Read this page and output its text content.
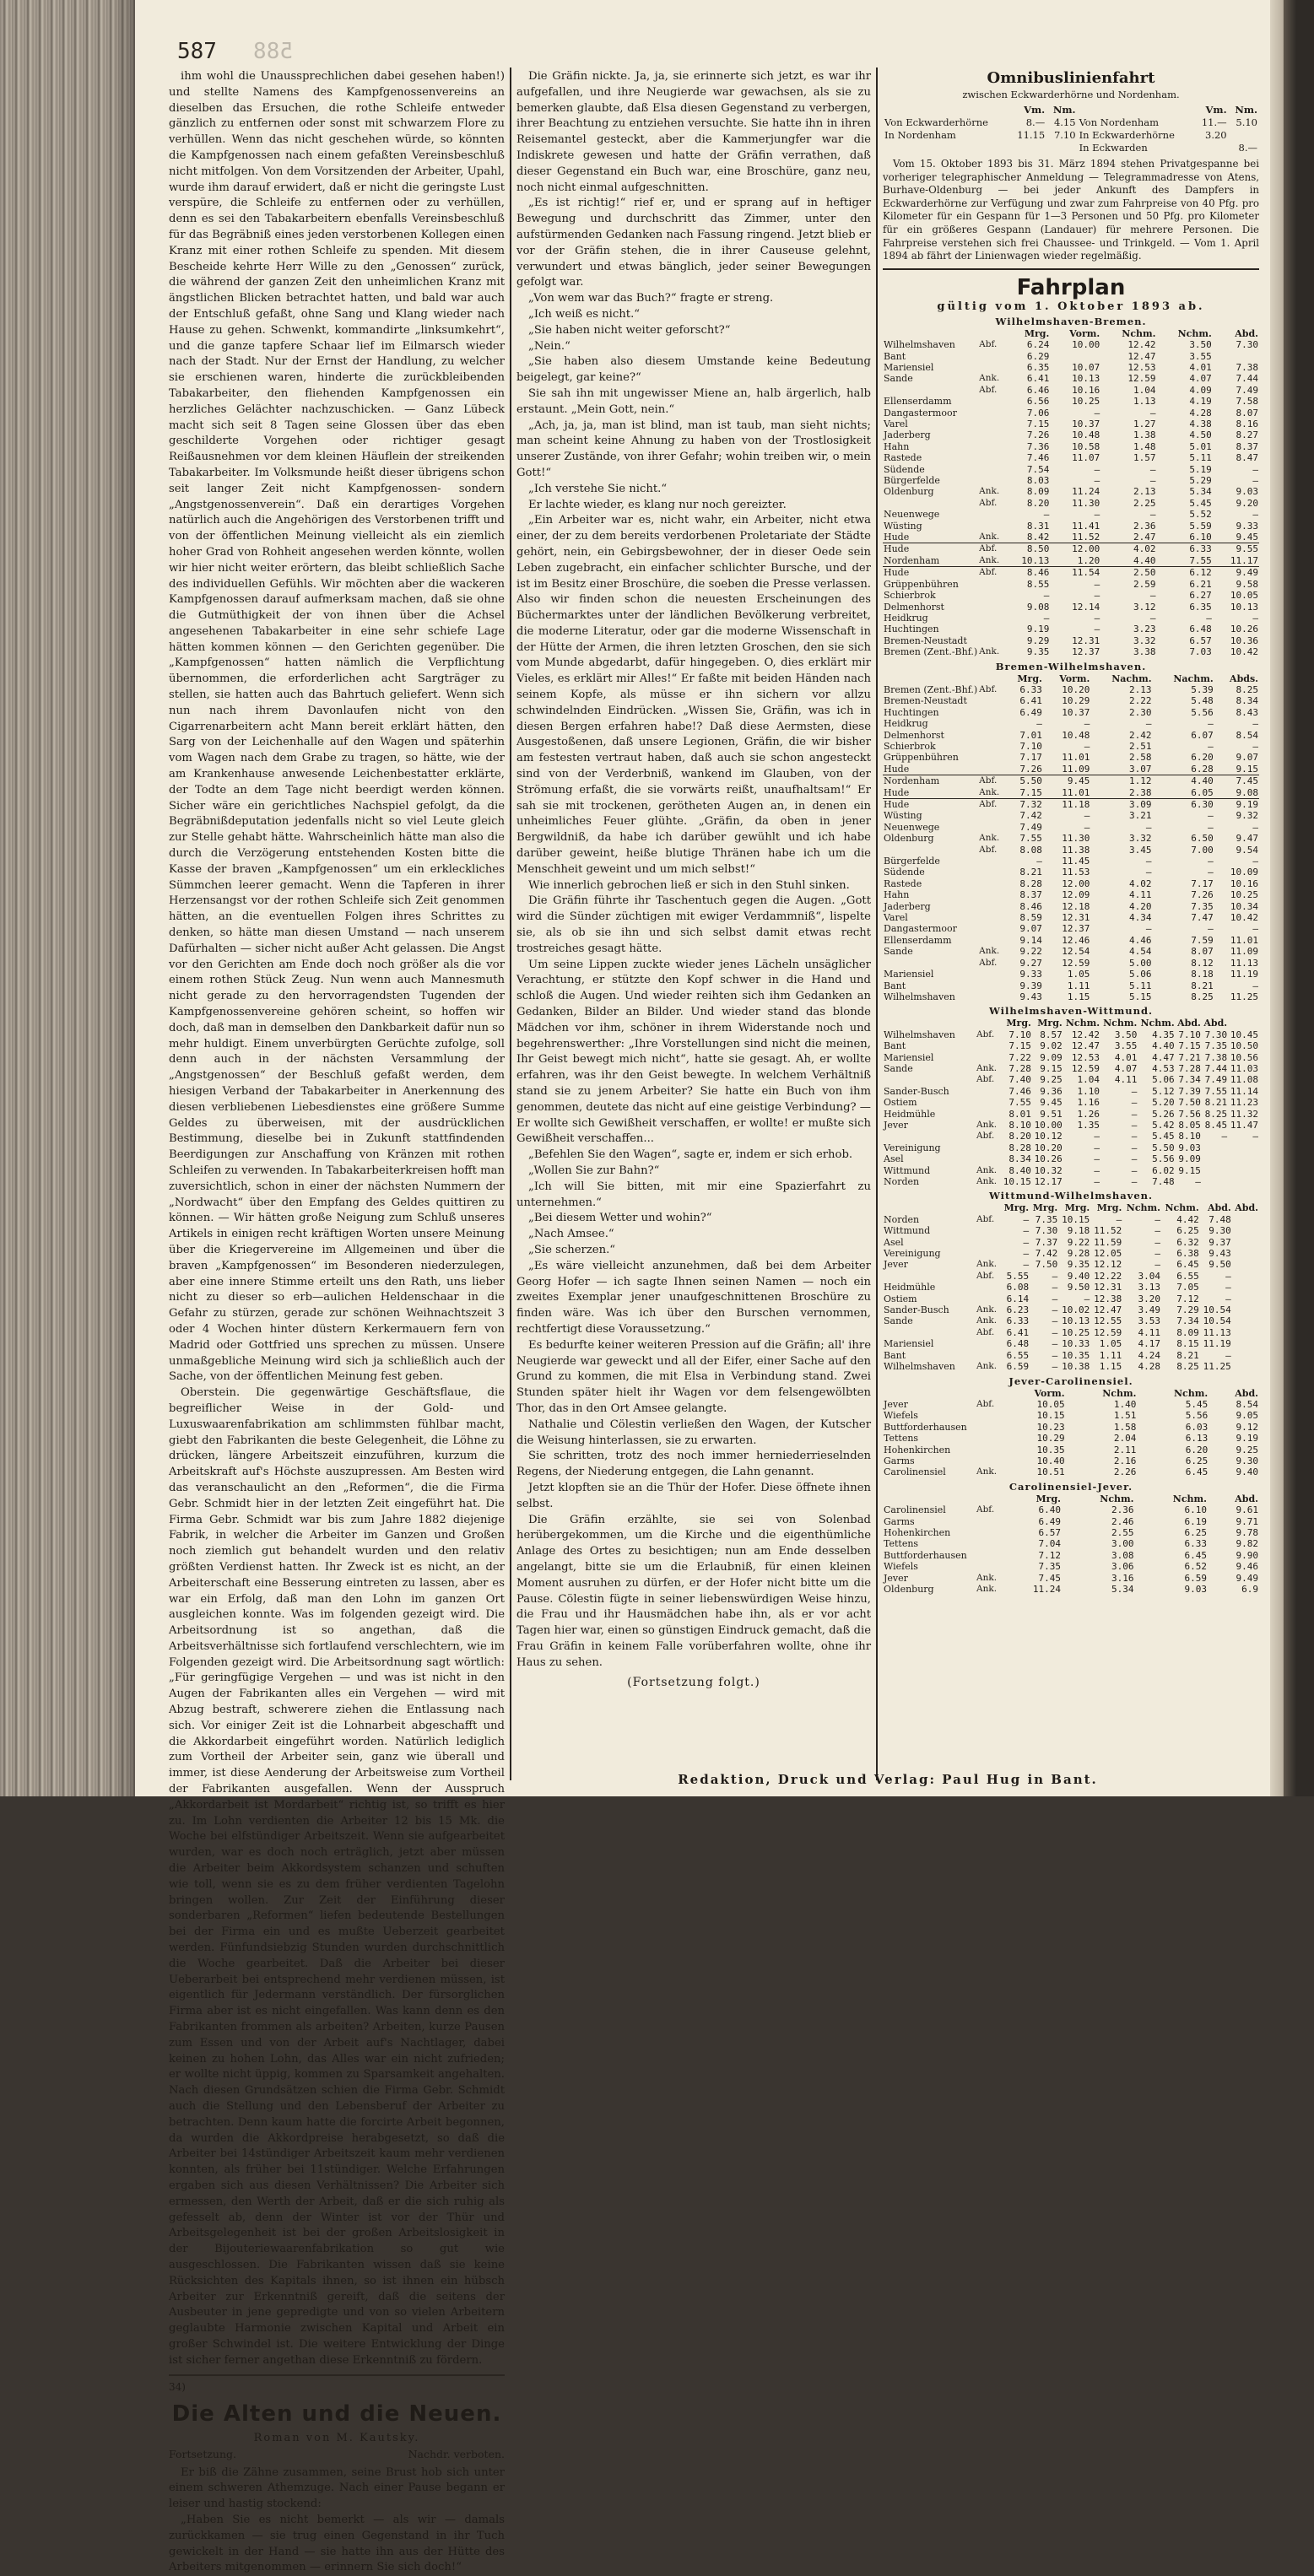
587 588

ihm wohl die Unaussprechlichen dabei gesehen haben!) und stellte Namens des Kampfgenossenvereins an dieselben das Ersuchen, die rothe Schleife entweder gänzlich zu entfernen oder sonst mit schwarzem Flore zu verhüllen. Wenn das nicht geschehen würde, so könnten die Kampfgenossen nach einem gefaßten Vereinsbeschluß nicht mitfolgen. Von dem Vorsitzenden der Arbeiter, Upahl, wurde ihm darauf erwidert, daß er nicht die geringste Lust verspüre, die Schleife zu entfernen oder zu verhüllen, denn es sei den Tabakarbeitern ebenfalls Vereinsbeschluß für das Begräbniß eines jeden verstorbenen Kollegen einen Kranz mit einer rothen Schleife zu spenden. Mit diesem Bescheide kehrte Herr Wille zu den „Genossen“ zurück, die während der ganzen Zeit den unheimlichen Kranz mit ängstlichen Blicken betrachtet hatten, und bald war auch der Entschluß gefaßt, ohne Sang und Klang wieder nach Hause zu gehen. Schwenkt, kommandirte „linksumkehrt“, und die ganze tapfere Schaar lief im Eilmarsch wieder nach der Stadt. Nur der Ernst der Handlung, zu welcher sie erschienen waren, hinderte die zurückbleibenden Tabakarbeiter, den fliehenden Kampfgenossen ein herzliches Gelächter nachzuschicken. — Ganz Lübeck macht sich seit 8 Tagen seine Glossen über das eben geschilderte Vorgehen oder richtiger gesagt Reißausnehmen vor dem kleinen Häuflein der streikenden Tabakarbeiter. Im Volksmunde heißt dieser übrigens schon seit langer Zeit nicht Kampfgenossen- sondern „Angstgenossenverein“. Daß ein derartiges Vorgehen natürlich auch die Angehörigen des Verstorbenen trifft und von der öffentlichen Meinung vielleicht als ein ziemlich hoher Grad von Rohheit angesehen werden könnte, wollen wir hier nicht weiter erörtern, das bleibt schließlich Sache des individuellen Gefühls. Wir möchten aber die wackeren Kampfgenossen darauf aufmerksam machen, daß sie ohne die Gutmüthigkeit der von ihnen über die Achsel angesehenen Tabakarbeiter in eine sehr schiefe Lage hätten kommen können — den Gerichten gegenüber. Die „Kampfgenossen“ hatten nämlich die Verpflichtung übernommen, die erforderlichen acht Sargträger zu stellen, sie hatten auch das Bahrtuch geliefert. Wenn sich nun nach ihrem Davonlaufen nicht von den Cigarrenarbeitern acht Mann bereit erklärt hätten, den Sarg von der Leichenhalle auf den Wagen und späterhin vom Wagen nach dem Grabe zu tragen, so hätte, wie der am Krankenhause anwesende Leichenbestatter erklärte, der Todte an dem Tage nicht beerdigt werden können. Sicher wäre ein gerichtliches Nachspiel gefolgt, da die Begräbnißdeputation jedenfalls nicht so viel Leute gleich zur Stelle gehabt hätte. Wahrscheinlich hätte man also die durch die Verzögerung entstehenden Kosten bitte die Kasse der braven „Kampfgenossen“ um ein erkleckliches Sümmchen leerer gemacht. Wenn die Tapferen in ihrer Herzensangst vor der rothen Schleife sich Zeit genommen hätten, an die eventuellen Folgen ihres Schrittes zu denken, so hätte man diesen Umstand — nach unserem Dafürhalten — sicher nicht außer Acht gelassen. Die Angst vor den Gerichten am Ende doch noch größer als die vor einem rothen Stück Zeug. Nun wenn auch Mannesmuth nicht gerade zu den hervorragendsten Tugenden der Kampfgenossenvereine gehören scheint, so hoffen wir doch, daß man in demselben den Dankbarkeit dafür nun so mehr huldigt. Einem unverbürgten Gerüchte zufolge, soll denn auch in der nächsten Versammlung der „Angstgenossen“ der Beschluß gefaßt werden, dem hiesigen Verband der Tabakarbeiter in Anerkennung des diesen verbliebenen Liebesdienstes eine größere Summe Geldes zu überweisen, mit der ausdrücklichen Bestimmung, dieselbe bei in Zukunft stattfindenden Beerdigungen zur Anschaffung von Kränzen mit rothen Schleifen zu verwenden. In Tabakarbeiterkreisen hofft man zuversichtlich, schon in einer der nächsten Nummern der „Nordwacht“ über den Empfang des Geldes quittiren zu können. — Wir hätten große Neigung zum Schluß unseres Artikels in einigen recht kräftigen Worten unsere Meinung über die Kriegervereine im Allgemeinen und über die braven „Kampfgenossen“ im Besonderen niederzulegen, aber eine innere Stimme erteilt uns den Rath, uns lieber nicht zu dieser so erb—aulichen Heldenschaar in die Gefahr zu stürzen, gerade zur schönen Weihnachtszeit 3 oder 4 Wochen hinter düstern Kerkermauern fern von Madrid oder Gottfried uns sprechen zu müssen. Unsere unmaßgebliche Meinung wird sich ja schließlich auch der Sache, von der öffentlichen Meinung fest geben.

Oberstein. Die gegenwärtige Geschäftsflaue, die begreiflicher Weise in der Gold- und Luxuswaarenfabrikation am schlimmsten fühlbar macht, giebt den Fabrikanten die beste Gelegenheit, die Löhne zu drücken, längere Arbeitszeit einzuführen, kurzum die Arbeitskraft auf's Höchste auszupressen. Am Besten wird das veranschaulicht an den „Reformen“, die die Firma Gebr. Schmidt hier in der letzten Zeit eingeführt hat. Die Firma Gebr. Schmidt war bis zum Jahre 1882 diejenige Fabrik, in welcher die Arbeiter im Ganzen und Großen noch ziemlich gut behandelt wurden und den relativ größten Verdienst hatten. Ihr Zweck ist es nicht, an der Arbeiterschaft eine Besserung eintreten zu lassen, aber es war ein Erfolg, daß man den Lohn im ganzen Ort ausgleichen konnte. Was im folgenden gezeigt wird. Die Arbeitsordnung ist so angethan, daß die Arbeitsverhältnisse sich fortlaufend verschlechtern, wie im Folgenden gezeigt wird. Die Arbeitsordnung sagt wörtlich: „Für geringfügige Vergehen — und was ist nicht in den Augen der Fabrikanten alles ein Vergehen — wird mit Abzug bestraft, schwerere ziehen die Entlassung nach sich. Vor einiger Zeit ist die Lohnarbeit abgeschafft und die Akkordarbeit eingeführt worden. Natürlich lediglich zum Vortheil der Arbeiter sein, ganz wie überall und immer, ist diese Aenderung der Arbeitsweise zum Vortheil der Fabrikanten ausgefallen. Wenn der Ausspruch „Akkordarbeit ist Mordarbeit“ richtig ist, so trifft es hier zu. Im Lohn verdienten die Arbeiter 12 bis 15 Mk. die Woche bei elfstündiger Arbeitszeit. Wenn sie aufgearbeitet wurden, war es doch noch erträglich, jetzt aber müssen die Arbeiter beim Akkordsystem schanzen und schuften wie toll, wenn sie es zu dem früher verdienten Tagelohn bringen wollen. Zur Zeit der Einführung dieser sonderbaren „Reformen“ liefen bedeutende Bestellungen bei der Firma ein und es mußte Ueberzeit gearbeitet werden. Fünfundsiebzig Stunden wurden durchschnittlich die Woche gearbeitet. Daß die Arbeiter bei dieser Ueberarbeit bei entsprechend mehr verdienen müssen, ist eigentlich für Jedermann verständlich. Der fürsorglichen Firma aber ist es nicht eingefallen. Was kann denn es den Fabrikanten frommen als arbeiten? Arbeiten, kurze Pausen zum Essen und von der Arbeit auf's Nachtlager, dabei keinen zu hohen Lohn, das Alles war ein nicht zufrieden; er wollte nicht üppig, kommen zu Sparsamkeit angehalten. Nach diesen Grundsätzen schien die Firma Gebr. Schmidt auch die Stellung und den Lebensberuf der Arbeiter zu betrachten. Denn kaum hatte die forcirte Arbeit begonnen, da wurden die Akkordpreise herabgesetzt, so daß die Arbeiter bei 14stündiger Arbeitszeit kaum mehr verdienen konnten, als früher bei 11stündiger. Welche Erfahrungen ergaben sich aus diesen Verhältnissen? Die Arbeiter sich ermessen, den Werth der Arbeit, daß er die sich ruhig als gefesselt ab, denn der Winter ist vor der Thür und Arbeitsgelegenheit ist bei der großen Arbeitslosigkeit in der Bijouteriewaarenfabrikation so gut wie ausgeschlossen. Die Fabrikanten wissen daß sie keine Rücksichten des Kapitals ihnen, so ist ihnen ein hübsch Arbeiter zur Erkenntniß gereift, daß die seitens der Ausbeuter in jene gepredigte und von so vielen Arbeitern geglaubte Harmonie zwischen Kapital und Arbeit ein großer Schwindel ist. Die weitere Entwicklung der Dinge ist sicher ferner angethan diese Erkenntniß zu fördern.

34)
Die Alten und die Neuen.
Roman von M. Kautsky.
Fortsetzung.	Nachdr. verboten.

Er biß die Zähne zusammen, seine Brust hob sich unter einem schweren Athemzuge. Nach einer Pause begann er leiser und hastig stockend:

„Haben Sie es nicht bemerkt — als wir — damals zurückkamen — sie trug einen Gegenstand in ihr Tuch gewickelt in der Hand — sie hatte ihn aus der Hütte des Arbeiters mitgenommen — erinnern Sie sich doch!“

Die Gräfin nickte. Ja, ja, sie erinnerte sich jetzt, es war ihr aufgefallen, und ihre Neugierde war gewachsen, als sie zu bemerken glaubte, daß Elsa diesen Gegenstand zu verbergen, ihrer Beachtung zu entziehen versuchte. Sie hatte ihn in ihren Reisemantel gesteckt, aber die Kammerjungfer war die Indiskrete gewesen und hatte der Gräfin verrathen, daß dieser Gegenstand ein Buch war, eine Broschüre, ganz neu, noch nicht einmal aufgeschnitten.

„Es ist richtig!“ rief er, und er sprang auf in heftiger Bewegung und durchschritt das Zimmer, unter den aufstürmenden Gedanken nach Fassung ringend. Jetzt blieb er vor der Gräfin stehen, die in ihrer Causeuse gelehnt, verwundert und etwas bänglich, jeder seiner Bewegungen gefolgt war.

„Von wem war das Buch?“ fragte er streng.

„Ich weiß es nicht.“

„Sie haben nicht weiter geforscht?“

„Nein.“

„Sie haben also diesem Umstande keine Bedeutung beigelegt, gar keine?“

Sie sah ihn mit ungewisser Miene an, halb ärgerlich, halb erstaunt. „Mein Gott, nein.“

„Ach, ja, ja, man ist blind, man ist taub, man sieht nichts; man scheint keine Ahnung zu haben von der Trostlosigkeit unserer Zustände, von ihrer Gefahr; wohin treiben wir, o mein Gott!“

„Ich verstehe Sie nicht.“

Er lachte wieder, es klang nur noch gereizter.

„Ein Arbeiter war es, nicht wahr, ein Arbeiter, nicht etwa einer, der zu dem bereits verdorbenen Proletariate der Städte gehört, nein, ein Gebirgsbewohner, der in dieser Oede sein Leben zugebracht, ein einfacher schlichter Bursche, und der ist im Besitz einer Broschüre, die soeben die Presse verlassen. Also wir finden schon die neuesten Erscheinungen des Büchermarktes unter der ländlichen Bevölkerung verbreitet, die moderne Literatur, oder gar die moderne Wissenschaft in der Hütte der Armen, die ihren letzten Groschen, den sie sich vom Munde abgedarbt, dafür hingegeben. O, dies erklärt mir Vieles, es erklärt mir Alles!“ Er faßte mit beiden Händen nach seinem Kopfe, als müsse er ihn sichern vor allzu schwindelnden Eindrücken. „Wissen Sie, Gräfin, was ich in diesen Bergen erfahren habe!? Daß diese Aermsten, diese Ausgestoßenen, daß unsere Legionen, Gräfin, die wir bisher am festesten vertraut haben, daß auch sie schon angesteckt sind von der Verderbniß, wankend im Glauben, von der Strömung erfaßt, die sie vorwärts reißt, unaufhaltsam!“ Er sah sie mit trockenen, gerötheten Augen an, in denen ein unheimliches Feuer glühte. „Gräfin, da oben in jener Bergwildniß, da habe ich darüber gewühlt und ich habe darüber geweint, heiße blutige Thränen habe ich um die Menschheit geweint und um mich selbst!“

Wie innerlich gebrochen ließ er sich in den Stuhl sinken.

Die Gräfin führte ihr Taschentuch gegen die Augen. „Gott wird die Sünder züchtigen mit ewiger Verdammniß“, lispelte sie, als ob sie ihn und sich selbst damit etwas recht trostreiches gesagt hätte.

Um seine Lippen zuckte wieder jenes Lächeln unsäglicher Verachtung, er stützte den Kopf schwer in die Hand und schloß die Augen. Und wieder reihten sich ihm Gedanken an Gedanken, Bilder an Bilder. Und wieder stand das blonde Mädchen vor ihm, schöner in ihrem Widerstande noch und begehrenswerther: „Ihre Vorstellungen sind nicht die meinen, Ihr Geist bewegt mich nicht“, hatte sie gesagt. Ah, er wollte erfahren, was ihr den Geist bewegte. In welchem Verhältniß stand sie zu jenem Arbeiter? Sie hatte ein Buch von ihm genommen, deutete das nicht auf eine geistige Verbindung? — Er wollte sich Gewißheit verschaffen, er wollte! er mußte sich Gewißheit verschaffen...

„Befehlen Sie den Wagen“, sagte er, indem er sich erhob.

„Wollen Sie zur Bahn?“

„Ich will Sie bitten, mit mir eine Spazierfahrt zu unternehmen.“

„Bei diesem Wetter und wohin?“

„Nach Amsee.“

„Sie scherzen.“

„Es wäre vielleicht anzunehmen, daß bei dem Arbeiter Georg Hofer — ich sagte Ihnen seinen Namen — noch ein zweites Exemplar jener unaufgeschnittenen Broschüre zu finden wäre. Was ich über den Burschen vernommen, rechtfertigt diese Voraussetzung.“

Es bedurfte keiner weiteren Pression auf die Gräfin; all' ihre Neugierde war geweckt und all der Eifer, einer Sache auf den Grund zu kommen, die mit Elsa in Verbindung stand. Zwei Stunden später hielt ihr Wagen vor dem felsengewölbten Thor, das in den Ort Amsee gelangte.

Nathalie und Cölestin verließen den Wagen, der Kutscher die Weisung hinterlassen, sie zu erwarten.

Sie schritten, trotz des noch immer herniederrieselnden Regens, der Niederung entgegen, die Lahn genannt.

Jetzt klopften sie an die Thür der Hofer. Diese öffnete ihnen selbst.

Die Gräfin erzählte, sie sei von Solenbad herübergekommen, um die Kirche und die eigenthümliche Anlage des Ortes zu besichtigen; nun am Ende desselben angelangt, bitte sie um die Erlaubniß, für einen kleinen Moment ausruhen zu dürfen, er der Hofer nicht bitte um die Pause. Cölestin fügte in seiner liebenswürdigen Weise hinzu, die Frau und ihr Hausmädchen habe ihn, als er vor acht Tagen hier war, einen so günstigen Eindruck gemacht, daß die Frau Gräfin in keinem Falle vorüberfahren wollte, ohne ihr Haus zu sehen.

(Fortsetzung folgt.)
Omnibuslinienfahrt
zwischen Eckwarderhörne und Nordenham.
	Vm.	Nm.		Vm.	Nm.
Von Eckwarderhörne	8.—	4.15	Von Nordenham	11.—	5.10
In Nordenham	11.15	7.10	In Eckwarderhörne	3.20	
			In Eckwarden		8.—
Vom 15. Oktober 1893 bis 31. März 1894 stehen Privatgespanne bei vorheriger telegraphischer Anmeldung — Telegrammadresse von Atens, Burhave-Oldenburg — bei jeder Ankunft des Dampfers in Eckwarderhörne zur Verfügung und zwar zum Fahrpreise von 40 Pfg. pro Kilometer für ein Gespann für 1—3 Personen und 50 Pfg. pro Kilometer für ein größeres Gespann (Landauer) für mehrere Personen. Die Fahrpreise verstehen sich frei Chaussee- und Trinkgeld. — Vom 1. April 1894 ab fährt der Linienwagen wieder regelmäßig.
Fahrplan
gültig vom 1. Oktober 1893 ab.
Wilhelmshaven-Bremen.
		Mrg.	Vorm.	Nchm.	Nchm.	Abd.
Wilhelmshaven	Abf.	6.24	10.00	12.42	3.50	7.30
Bant		6.29		12.47	3.55	
Mariensiel		6.35	10.07	12.53	4.01	7.38
Sande	Ank.	6.41	10.13	12.59	4.07	7.44
	Abf.	6.46	10.16	1.04	4.09	7.49
Ellenserdamm		6.56	10.25	1.13	4.19	7.58
Dangastermoor		7.06	—	—	4.28	8.07
Varel		7.15	10.37	1.27	4.38	8.16
Jaderberg		7.26	10.48	1.38	4.50	8.27
Hahn		7.36	10.58	1.48	5.01	8.37
Rastede		7.46	11.07	1.57	5.11	8.47
Südende		7.54	—	—	5.19	—
Bürgerfelde		8.03	—	—	5.29	—
Oldenburg	Ank.	8.09	11.24	2.13	5.34	9.03
	Abf.	8.20	11.30	2.25	5.45	9.20
Neuenwege		—	—	—	5.52	—
Wüsting		8.31	11.41	2.36	5.59	9.33
Hude	Ank.	8.42	11.52	2.47	6.10	9.45
Hude	Abf.	8.50	12.00	4.02	6.33	9.55
Nordenham	Ank.	10.13	1.20	4.40	7.55	11.17
Hude	Abf.	8.46	11.54	2.50	6.12	9.49
Grüppenbühren		8.55	—	2.59	6.21	9.58
Schierbrok		—	—	—	6.27	10.05
Delmenhorst		9.08	12.14	3.12	6.35	10.13
Heidkrug		—	—	—	—	—
Huchtingen		9.19	—	3.23	6.48	10.26
Bremen-Neustadt		9.29	12.31	3.32	6.57	10.36
Bremen (Zent.-Bhf.)	Ank.	9.35	12.37	3.38	7.03	10.42
Bremen-Wilhelmshaven.
		Mrg.	Vorm.	Nachm.	Nachm.	Abds.
Bremen (Zent.-Bhf.)	Abf.	6.33	10.20	2.13	5.39	8.25
Bremen-Neustadt		6.41	10.29	2.22	5.48	8.34
Huchtingen		6.49	10.37	2.30	5.56	8.43
Heidkrug		—	—	—	—	—
Delmenhorst		7.01	10.48	2.42	6.07	8.54
Schierbrok		7.10	—	2.51	—	—
Grüppenbühren		7.17	11.01	2.58	6.20	9.07
Hude		7.26	11.09	3.07	6.28	9.15
Nordenham	Abf.	5.50	9.45	1.12	4.40	7.45
Hude	Ank.	7.15	11.01	2.38	6.05	9.08
Hude	Abf.	7.32	11.18	3.09	6.30	9.19
Wüsting		7.42	—	3.21	—	9.32
Neuenwege		7.49	—	—	—	—
Oldenburg	Ank.	7.55	11.30	3.32	6.50	9.47
	Abf.	8.08	11.38	3.45	7.00	9.54
Bürgerfelde		—	11.45	—	—	—
Südende		8.21	11.53	—	—	10.09
Rastede		8.28	12.00	4.02	7.17	10.16
Hahn		8.37	12.09	4.11	7.26	10.25
Jaderberg		8.46	12.18	4.20	7.35	10.34
Varel		8.59	12.31	4.34	7.47	10.42
Dangastermoor		9.07	12.37	—	—	—
Ellenserdamm		9.14	12.46	4.46	7.59	11.01
Sande	Ank.	9.22	12.54	4.54	8.07	11.09
	Abf.	9.27	12.59	5.00	8.12	11.13
Mariensiel		9.33	1.05	5.06	8.18	11.19
Bant		9.39	1.11	5.11	8.21	—
Wilhelmshaven		9.43	1.15	5.15	8.25	11.25
Wilhelmshaven-Wittmund.
		Mrg.	Mrg.	Nchm.	Nchm.	Nchm.	Abd.	Abd.	
Wilhelmshaven	Abf.	7.10	8.57	12.42	3.50	4.35	7.10	7.30	10.45
Bant		7.15	9.02	12.47	3.55	4.40	7.15	7.35	10.50
Mariensiel		7.22	9.09	12.53	4.01	4.47	7.21	7.38	10.56
Sande	Ank.	7.28	9.15	12.59	4.07	4.53	7.28	7.44	11.03
	Abf.	7.40	9.25	1.04	4.11	5.06	7.34	7.49	11.08
Sander-Busch		7.46	9.36	1.10	—	5.12	7.39	7.55	11.14
Ostiem		7.55	9.45	1.16	—	5.20	7.50	8.21	11.23
Heidmühle		8.01	9.51	1.26	—	5.26	7.56	8.25	11.32
Jever	Ank.	8.10	10.00	1.35	—	5.42	8.05	8.45	11.47
	Abf.	8.20	10.12	—	—	5.45	8.10	—	—
Vereinigung		8.28	10.20	—	—	5.50	9.03		
Asel		8.34	10.26	—	—	5.56	9.09		
Wittmund	Ank.	8.40	10.32	—	—	6.02	9.15		
Norden	Ank.	10.15	12.17	—	—	7.48	—		
Wittmund-Wilhelmshaven.
		Mrg.	Mrg.	Mrg.	Mrg.	Nchm.	Nchm.	Abd.	Abd.
Norden	Abf.	—	7.35	10.15	—	—	4.42	7.48	
Wittmund		—	7.30	9.18	11.52	—	6.25	9.30	
Asel		—	7.37	9.22	11.59	—	6.32	9.37	
Vereinigung		—	7.42	9.28	12.05	—	6.38	9.43	
Jever	Ank.	—	7.50	9.35	12.12	—	6.45	9.50	
	Abf.	5.55	—	9.40	12.22	3.04	6.55	—	
Heidmühle		6.08	—	9.50	12.31	3.13	7.05	—	
Ostiem		6.14	—	—	12.38	3.20	7.12	—	
Sander-Busch	Ank.	6.23	—	10.02	12.47	3.49	7.29	10.54	
Sande	Ank.	6.33	—	10.13	12.55	3.53	7.34	10.54	
	Abf.	6.41	—	10.25	12.59	4.11	8.09	11.13	
Mariensiel		6.48	—	10.33	1.05	4.17	8.15	11.19	
Bant		6.55	—	10.35	1.11	4.24	8.21	—	
Wilhelmshaven	Ank.	6.59	—	10.38	1.15	4.28	8.25	11.25	
Jever-Carolinensiel.
		Vorm.	Nchm.	Nchm.	Abd.
Jever	Abf.	10.05	1.40	5.45	8.54
Wiefels		10.15	1.51	5.56	9.05
Buttforderhausen		10.23	1.58	6.03	9.12
Tettens		10.29	2.04	6.13	9.19
Hohenkirchen		10.35	2.11	6.20	9.25
Garms		10.40	2.16	6.25	9.30
Carolinensiel	Ank.	10.51	2.26	6.45	9.40
Carolinensiel-Jever.
		Mrg.	Nchm.	Nchm.	Abd.
Carolinensiel	Abf.	6.40	2.36	6.10	9.61
Garms		6.49	2.46	6.19	9.71
Hohenkirchen		6.57	2.55	6.25	9.78
Tettens		7.04	3.00	6.33	9.82
Buttforderhausen		7.12	3.08	6.45	9.90
Wiefels		7.35	3.06	6.52	9.46
Jever	Ank.	7.45	3.16	6.59	9.49
Oldenburg	Ank.	11.24	5.34	9.03	6.9
Redaktion, Druck und Verlag: Paul Hug in Bant.
